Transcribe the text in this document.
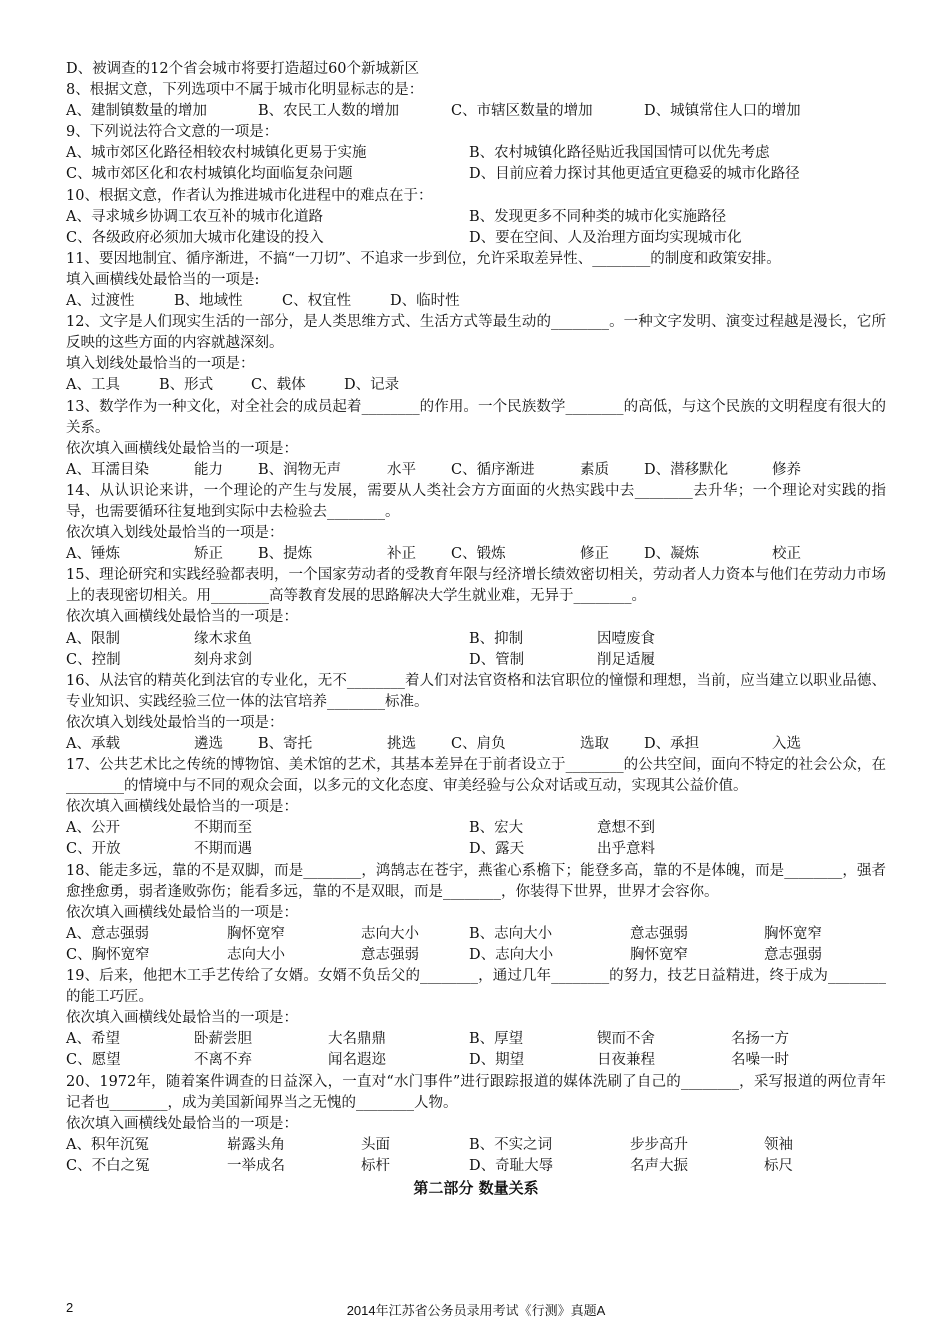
D、被调查的12个省会城市将要打造超过60个新城新区
8、根据文意，下列选项中不属于城市化明显标志的是：
A、建制镇数量的增加	B、农民工人数的增加	C、市辖区数量的增加	D、城镇常住人口的增加
9、下列说法符合文意的一项是：
A、城市郊区化路径相较农村城镇化更易于实施	B、农村城镇化路径贴近我国国情可以优先考虑
C、城市郊区化和农村城镇化均面临复杂问题	D、目前应着力探讨其他更适宜更稳妥的城市化路径
10、根据文意，作者认为推进城市化进程中的难点在于：
A、寻求城乡协调工农互补的城市化道路	B、发现更多不同种类的城市化实施路径
C、各级政府必须加大城市化建设的投入	D、要在空间、人及治理方面均实现城市化
11、要因地制宜、循序渐进，不搞“一刀切”、不追求一步到位，允许采取差异性、________的制度和政策安排。
填入画横线处最恰当的一项是:
A、过渡性	B、地域性	C、权宜性	D、临时性
12、文字是人们现实生活的一部分，是人类思维方式、生活方式等最生动的________。一种文字发明、演变过程越是漫长，它所反映的这些方面的内容就越深刻。
填入划线处最恰当的一项是：
A、工具	B、形式	C、载体	D、记录
13、数学作为一种文化，对全社会的成员起着________的作用。一个民族数学________的高低，与这个民族的文明程度有很大的关系。
依次填入画横线处最恰当的一项是：
A、耳濡目染	能力	B、润物无声	水平	C、循序渐进	素质	D、潜移默化	修养
14、从认识论来讲，一个理论的产生与发展，需要从人类社会方方面面的火热实践中去________去升华；一个理论对实践的指导，也需要循环往复地到实际中去检验去________。
依次填入划线处最恰当的一项是：
A、锤炼	矫正	B、提炼	补正	C、锻炼	修正	D、凝炼	校正
15、理论研究和实践经验都表明，一个国家劳动者的受教育年限与经济增长绩效密切相关，劳动者人力资本与他们在劳动力市场上的表现密切相关。用________高等教育发展的思路解决大学生就业难，无异于________。
依次填入画横线处最恰当的一项是：
A、限制	缘木求鱼	B、抑制	因噎废食
C、控制	刻舟求剑	D、管制	削足适履
16、从法官的精英化到法官的专业化，无不________着人们对法官资格和法官职位的憧憬和理想，当前，应当建立以职业品德、专业知识、实践经验三位一体的法官培养________标准。
依次填入划线处最恰当的一项是：
A、承载	遴选	B、寄托	挑选	C、肩负	选取	D、承担	入选
17、公共艺术比之传统的博物馆、美术馆的艺术，其基本差异在于前者设立于________的公共空间，面向不特定的社会公众，在________的情境中与不同的观众会面，以多元的文化态度、审美经验与公众对话或互动，实现其公益价值。
依次填入画横线处最恰当的一项是：
A、公开	不期而至	B、宏大	意想不到
C、开放	不期而遇	D、露天	出乎意料
18、能走多远，靠的不是双脚，而是________，鸿鹄志在苍宇，燕雀心系檐下；能登多高，靠的不是体魄，而是________，强者愈挫愈勇，弱者逢败弥伤；能看多远，靠的不是双眼，而是________，你装得下世界，世界才会容你。
依次填入画横线处最恰当的一项是：
A、意志强弱	胸怀宽窄	志向大小	B、志向大小	意志强弱	胸怀宽窄
C、胸怀宽窄	志向大小	意志强弱	D、志向大小	胸怀宽窄	意志强弱
19、后来，他把木工手艺传给了女婿。女婿不负岳父的________，通过几年________的努力，技艺日益精进，终于成为________的能工巧匠。
依次填入画横线处最恰当的一项是：
A、希望	卧薪尝胆	大名鼎鼎	B、厚望	锲而不舍	名扬一方
C、愿望	不离不弃	闻名遐迩	D、期望	日夜兼程	名噪一时
20、1972年，随着案件调查的日益深入，一直对“水门事件”进行跟踪报道的媒体洗刷了自己的________，采写报道的两位青年记者也________，成为美国新闻界当之无愧的________人物。
依次填入画横线处最恰当的一项是：
A、积年沉冤	崭露头角	头面	B、不实之词	步步高升	领袖
C、不白之冤	一举成名	标杆	D、奇耻大辱	名声大振	标尺
第二部分 数量关系
2	2014年江苏省公务员录用考试《行测》真题A
